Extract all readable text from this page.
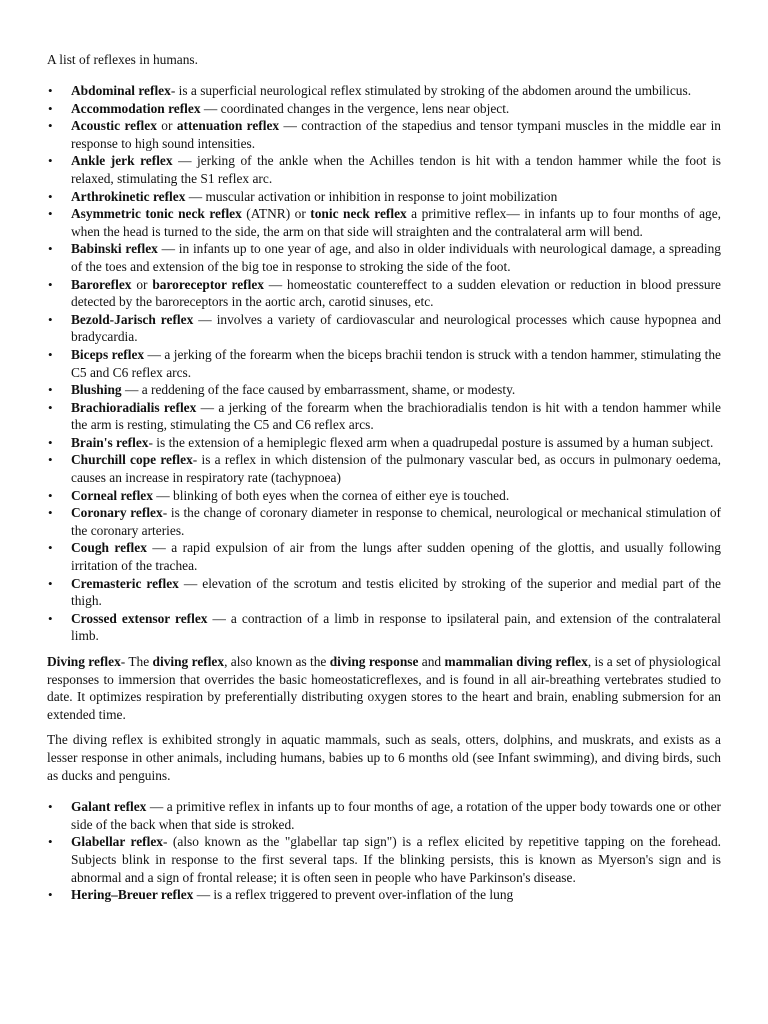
A list of reflexes in humans.

• Abdominal reflex- is a superficial neurological reflex stimulated by stroking of the abdomen around the umbilicus.
• Accommodation reflex — coordinated changes in the vergence, lens near object.
• Acoustic reflex or attenuation reflex — contraction of the stapedius and tensor tympani muscles in the middle ear in response to high sound intensities.
• Ankle jerk reflex — jerking of the ankle when the Achilles tendon is hit with a tendon hammer while the foot is relaxed, stimulating the S1 reflex arc.
• Arthrokinetic reflex — muscular activation or inhibition in response to joint mobilization
• Asymmetric tonic neck reflex (ATNR) or tonic neck reflex a primitive reflex— in infants up to four months of age, when the head is turned to the side, the arm on that side will straighten and the contralateral arm will bend.
• Babinski reflex — in infants up to one year of age, and also in older individuals with neurological damage, a spreading of the toes and extension of the big toe in response to stroking the side of the foot.
• Baroreflex or baroreceptor reflex — homeostatic countereffect to a sudden elevation or reduction in blood pressure detected by the baroreceptors in the aortic arch, carotid sinuses, etc.
• Bezold-Jarisch reflex — involves a variety of cardiovascular and neurological processes which cause hypopnea and bradycardia.
• Biceps reflex — a jerking of the forearm when the biceps brachii tendon is struck with a tendon hammer, stimulating the C5 and C6 reflex arcs.
• Blushing — a reddening of the face caused by embarrassment, shame, or modesty.
• Brachioradialis reflex — a jerking of the forearm when the brachioradialis tendon is hit with a tendon hammer while the arm is resting, stimulating the C5 and C6 reflex arcs.
• Brain's reflex- is the extension of a hemiplegic flexed arm when a quadrupedal posture is assumed by a human subject.
• Churchill cope reflex- is a reflex in which distension of the pulmonary vascular bed, as occurs in pulmonary oedema, causes an increase in respiratory rate (tachypnoea)
• Corneal reflex — blinking of both eyes when the cornea of either eye is touched.
• Coronary reflex- is the change of coronary diameter in response to chemical, neurological or mechanical stimulation of the coronary arteries.
• Cough reflex — a rapid expulsion of air from the lungs after sudden opening of the glottis, and usually following irritation of the trachea.
• Cremasteric reflex — elevation of the scrotum and testis elicited by stroking of the superior and medial part of the thigh.
• Crossed extensor reflex — a contraction of a limb in response to ipsilateral pain, and extension of the contralateral limb.

Diving reflex- The diving reflex, also known as the diving response and mammalian diving reflex, is a set of physiological responses to immersion that overrides the basic homeostaticreflexes, and is found in all air-breathing vertebrates studied to date. It optimizes respiration by preferentially distributing oxygen stores to the heart and brain, enabling submersion for an extended time.

The diving reflex is exhibited strongly in aquatic mammals, such as seals, otters, dolphins, and muskrats, and exists as a lesser response in other animals, including humans, babies up to 6 months old (see Infant swimming), and diving birds, such as ducks and penguins.

• Galant reflex — a primitive reflex in infants up to four months of age, a rotation of the upper body towards one or other side of the back when that side is stroked.
• Glabellar reflex- (also known as the "glabellar tap sign") is a reflex elicited by repetitive tapping on the forehead. Subjects blink in response to the first several taps. If the blinking persists, this is known as Myerson's sign and is abnormal and a sign of frontal release; it is often seen in people who have Parkinson's disease.
• Hering–Breuer reflex — is a reflex triggered to prevent over-inflation of the lung
